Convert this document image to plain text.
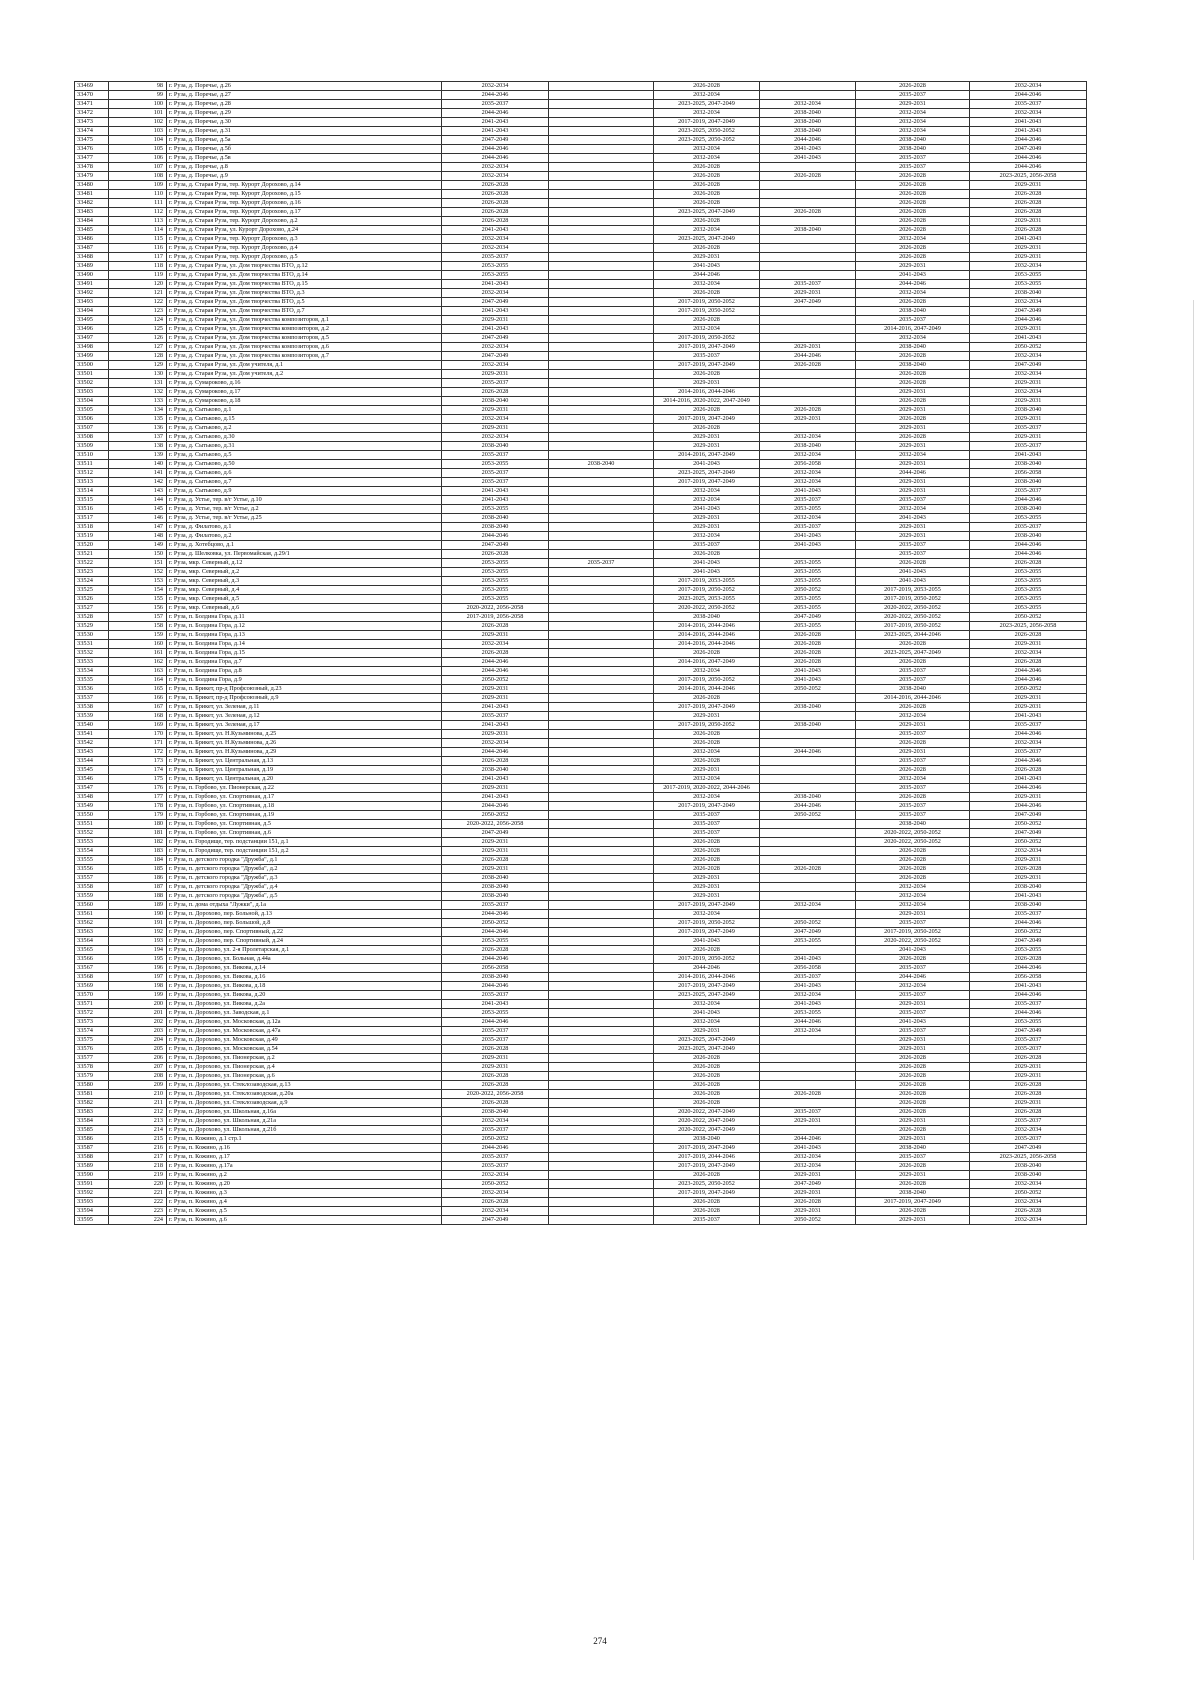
33469	98	г. Руза, д. Поречье, д.26	2032-2034		2026-2028		2026-2028	2032-2034
33470	99	г. Руза, д. Поречье, д.27	2044-2046		2032-2034		2035-2037	2044-2046
33471	100	г. Руза, д. Поречье, д.28	2035-2037		2023-2025, 2047-2049	2032-2034	2029-2031	2035-2037
33472	101	г. Руза, д. Поречье, д.29	2044-2046		2032-2034	2038-2040	2032-2034	2032-2034
33473	102	г. Руза, д. Поречье, д.30	2041-2043		2017-2019, 2047-2049	2038-2040	2032-2034	2041-2043
33474	103	г. Руза, д. Поречье, д.31	2041-2043		2023-2025, 2050-2052	2038-2040	2032-2034	2041-2043
33475	104	г. Руза, д. Поречье, д.5а	2047-2049		2023-2025, 2050-2052	2044-2046	2038-2040	2044-2046
33476	105	г. Руза, д. Поречье, д.5б	2044-2046		2032-2034	2041-2043	2038-2040	2047-2049
33477	106	г. Руза, д. Поречье, д.5в	2044-2046		2032-2034	2041-2043	2035-2037	2044-2046
33478	107	г. Руза, д. Поречье, д.8	2032-2034		2026-2028		2035-2037	2044-2046
33479	108	г. Руза, д. Поречье, д.9	2032-2034		2026-2028	2026-2028	2026-2028	2023-2025, 2056-2058
33480	109	г. Руза, д. Старая Руза, тер. Курорт Дорохово, д.14	2026-2028		2026-2028		2026-2028	2029-2031
33481	110	г. Руза, д. Старая Руза, тер. Курорт Дорохово, д.15	2026-2028		2026-2028		2026-2028	2026-2028
33482	111	г. Руза, д. Старая Руза, тер. Курорт Дорохово, д.16	2026-2028		2026-2028		2026-2028	2026-2028
33483	112	г. Руза, д. Старая Руза, тер. Курорт Дорохово, д.17	2026-2028		2023-2025, 2047-2049	2026-2028	2026-2028	2026-2028
33484	113	г. Руза, д. Старая Руза, тер. Курорт Дорохово, д.2	2026-2028		2026-2028		2026-2028	2029-2031
33485	114	г. Руза, д. Старая Руза, ул. Курорт Дорохово, д.24	2041-2043		2032-2034	2038-2040	2026-2028	2026-2028
33486	115	г. Руза, д. Старая Руза, тер. Курорт Дорохово, д.3	2032-2034		2023-2025, 2047-2049		2032-2034	2041-2043
33487	116	г. Руза, д. Старая Руза, тер. Курорт Дорохово, д.4	2032-2034		2026-2028		2026-2028	2029-2031
33488	117	г. Руза, д. Старая Руза, тер. Курорт Дорохово, д.5	2035-2037		2029-2031		2026-2028	2029-2031
33489	118	г. Руза, д. Старая Руза, ул. Дом творчества ВТО, д.12	2053-2055		2041-2043		2029-2031	2032-2034
33490	119	г. Руза, д. Старая Руза, ул. Дом творчества ВТО, д.14	2053-2055		2044-2046		2041-2043	2053-2055
33491	120	г. Руза, д. Старая Руза, ул. Дом творчества ВТО, д.15	2041-2043		2032-2034	2035-2037	2044-2046	2053-2055
33492	121	г. Руза, д. Старая Руза, ул. Дом творчества ВТО, д.3	2032-2034		2026-2028	2029-2031	2032-2034	2038-2040
33493	122	г. Руза, д. Старая Руза, ул. Дом творчества ВТО, д.5	2047-2049		2017-2019, 2050-2052	2047-2049	2026-2028	2032-2034
33494	123	г. Руза, д. Старая Руза, ул. Дом творчества ВТО, д.7	2041-2043		2017-2019, 2050-2052		2038-2040	2047-2049
33495	124	г. Руза, д. Старая Руза, ул. Дом творчества композиторов, д.1	2029-2031		2026-2028		2035-2037	2044-2046
33496	125	г. Руза, д. Старая Руза, ул. Дом творчества композиторов, д.2	2041-2043		2032-2034		2014-2016, 2047-2049	2029-2031
33497	126	г. Руза, д. Старая Руза, ул. Дом творчества композиторов, д.5	2047-2049		2017-2019, 2050-2052		2032-2034	2041-2043
33498	127	г. Руза, д. Старая Руза, ул. Дом творчества композиторов, д.6	2032-2034		2017-2019, 2047-2049	2029-2031	2038-2040	2050-2052
33499	128	г. Руза, д. Старая Руза, ул. Дом творчества композиторов, д.7	2047-2049		2035-2037	2044-2046	2026-2028	2032-2034
33500	129	г. Руза, д. Старая Руза, ул. Дом учителя, д.1	2032-2034		2017-2019, 2047-2049	2026-2028	2038-2040	2047-2049
33501	130	г. Руза, д. Старая Руза, ул. Дом учителя, д.2	2029-2031		2026-2028		2026-2028	2032-2034
33502	131	г. Руза, д. Сумароково, д.16	2035-2037		2029-2031		2026-2028	2029-2031
33503	132	г. Руза, д. Сумароково, д.17	2026-2028		2014-2016, 2044-2046		2029-2031	2032-2034
33504	133	г. Руза, д. Сумароково, д.18	2038-2040		2014-2016, 2020-2022, 2047-2049		2026-2028	2029-2031
33505	134	г. Руза, д. Сытьково, д.1	2029-2031		2026-2028	2026-2028	2029-2031	2038-2040
33506	135	г. Руза, д. Сытьково, д.15	2032-2034		2017-2019, 2047-2049	2029-2031	2026-2028	2029-2031
33507	136	г. Руза, д. Сытьково, д.2	2029-2031		2026-2028		2029-2031	2035-2037
33508	137	г. Руза, д. Сытьково, д.30	2032-2034		2029-2031	2032-2034	2026-2028	2029-2031
33509	138	г. Руза, д. Сытьково, д.31	2038-2040		2029-2031	2038-2040	2029-2031	2035-2037
33510	139	г. Руза, д. Сытьково, д.5	2035-2037		2014-2016, 2047-2049	2032-2034	2032-2034	2041-2043
33511	140	г. Руза, д. Сытьково, д.50	2053-2055	2038-2040	2041-2043	2056-2058	2029-2031	2038-2040
33512	141	г. Руза, д. Сытьково, д.6	2035-2037		2023-2025, 2047-2049	2032-2034	2044-2046	2056-2058
33513	142	г. Руза, д. Сытьково, д.7	2035-2037		2017-2019, 2047-2049	2032-2034	2029-2031	2038-2040
33514	143	г. Руза, д. Сытьково, д.9	2041-2043		2032-2034	2041-2043	2029-2031	2035-2037
33515	144	г. Руза, д. Устье, тер. в/г Устье, д.10	2041-2043		2032-2034	2035-2037	2035-2037	2044-2046
33516	145	г. Руза, д. Устье, тер. в/г Устье, д.2	2053-2055		2041-2043	2053-2055	2032-2034	2038-2040
33517	146	г. Руза, д. Устье, тер. в/г Устье, д.25	2038-2040		2029-2031	2032-2034	2041-2043	2053-2055
33518	147	г. Руза, д. Филатово, д.1	2038-2040		2029-2031	2035-2037	2029-2031	2035-2037
33519	148	г. Руза, д. Филатово, д.2	2044-2046		2032-2034	2041-2043	2029-2031	2038-2040
33520	149	г. Руза, д. Хотебцово, д.1	2047-2049		2035-2037	2041-2043	2035-2037	2044-2046
33521	150	г. Руза, д. Шелковка, ул. Первомайская, д.29/1	2026-2028		2026-2028		2035-2037	2044-2046
33522	151	г. Руза, мкр. Северный, д.12	2053-2055	2035-2037	2041-2043	2053-2055	2026-2028	2026-2028
33523	152	г. Руза, мкр. Северный, д.2	2053-2055		2041-2043	2053-2055	2041-2043	2053-2055
33524	153	г. Руза, мкр. Северный, д.3	2053-2055		2017-2019, 2053-2055	2053-2055	2041-2043	2053-2055
33525	154	г. Руза, мкр. Северный, д.4	2053-2055		2017-2019, 2050-2052	2050-2052	2017-2019, 2053-2055	2053-2055
33526	155	г. Руза, мкр. Северный, д.5	2053-2055		2023-2025, 2053-2055	2053-2055	2017-2019, 2050-2052	2053-2055
33527	156	г. Руза, мкр. Северный, д.6	2020-2022, 2056-2058		2020-2022, 2050-2052	2053-2055	2020-2022, 2050-2052	2053-2055
33528	157	г. Руза, п. Болдина Гора, д.11	2017-2019, 2056-2058		2038-2040	2047-2049	2020-2022, 2050-2052	2050-2052
33529	158	г. Руза, п. Болдина Гора, д.12	2026-2028		2014-2016, 2044-2046	2053-2055	2017-2019, 2050-2052	2023-2025, 2056-2058
33530	159	г. Руза, п. Болдина Гора, д.13	2029-2031		2014-2016, 2044-2046	2026-2028	2023-2025, 2044-2046	2026-2028
33531	160	г. Руза, п. Болдина Гора, д.14	2032-2034		2014-2016, 2044-2046	2026-2028	2026-2028	2029-2031
33532	161	г. Руза, п. Болдина Гора, д.15	2026-2028		2026-2028	2026-2028	2023-2025, 2047-2049	2032-2034
33533	162	г. Руза, п. Болдина Гора, д.7	2044-2046		2014-2016, 2047-2049	2026-2028	2026-2028	2026-2028
33534	163	г. Руза, п. Болдина Гора, д.8	2044-2046		2032-2034	2041-2043	2035-2037	2044-2046
33535	164	г. Руза, п. Болдина Гора, д.9	2050-2052		2017-2019, 2050-2052	2041-2043	2035-2037	2044-2046
33536	165	г. Руза, п. Брикет, пр-д Профсоюзный, д.23	2029-2031		2014-2016, 2044-2046	2050-2052	2038-2040	2050-2052
33537	166	г. Руза, п. Брикет, пр-д Профсоюзный, д.9	2029-2031		2026-2028		2014-2016, 2044-2046	2029-2031
33538	167	г. Руза, п. Брикет, ул. Зеленая, д.11	2041-2043		2017-2019, 2047-2049	2038-2040	2026-2028	2029-2031
33539	168	г. Руза, п. Брикет, ул. Зеленая, д.12	2035-2037		2029-2031		2032-2034	2041-2043
33540	169	г. Руза, п. Брикет, ул. Зеленая, д.17	2041-2043		2017-2019, 2050-2052	2038-2040	2029-2031	2035-2037
33541	170	г. Руза, п. Брикет, ул. Н.Кузьминова, д.25	2029-2031		2026-2028		2035-2037	2044-2046
33542	171	г. Руза, п. Брикет, ул. Н.Кузьминова, д.26	2032-2034		2026-2028		2026-2028	2032-2034
33543	172	г. Руза, п. Брикет, ул. Н.Кузьминова, д.29	2044-2046		2032-2034	2044-2046	2029-2031	2035-2037
33544	173	г. Руза, п. Брикет, ул. Центральная, д.13	2026-2028		2026-2028		2035-2037	2044-2046
33545	174	г. Руза, п. Брикет, ул. Центральная, д.19	2038-2040		2029-2031		2026-2028	2026-2028
33546	175	г. Руза, п. Брикет, ул. Центральная, д.20	2041-2043		2032-2034		2032-2034	2041-2043
33547	176	г. Руза, п. Горбово, ул. Пионерская, д.22	2029-2031		2017-2019, 2020-2022, 2044-2046		2035-2037	2044-2046
33548	177	г. Руза, п. Горбово, ул. Спортивная, д.17	2041-2043		2032-2034	2038-2040	2026-2028	2029-2031
33549	178	г. Руза, п. Горбово, ул. Спортивная, д.18	2044-2046		2017-2019, 2047-2049	2044-2046	2035-2037	2044-2046
33550	179	г. Руза, п. Горбово, ул. Спортивная, д.19	2050-2052		2035-2037	2050-2052	2035-2037	2047-2049
33551	180	г. Руза, п. Горбово, ул. Спортивная, д.5	2020-2022, 2056-2058		2035-2037		2038-2040	2050-2052
33552	181	г. Руза, п. Горбово, ул. Спортивная, д.6	2047-2049		2035-2037		2020-2022, 2050-2052	2047-2049
33553	182	г. Руза, п. Городище, тер. подстанции 151, д.1	2029-2031		2026-2028		2020-2022, 2050-2052	2050-2052
33554	183	г. Руза, п. Городище, тер. подстанции 151, д.2	2029-2031		2026-2028		2026-2028	2032-2034
33555	184	г. Руза, п. детского городка "Дружба", д.1	2026-2028		2026-2028		2026-2028	2029-2031
33556	185	г. Руза, п. детского городка "Дружба", д.2	2029-2031		2026-2028	2026-2028	2026-2028	2026-2028
33557	186	г. Руза, п. детского городка "Дружба", д.3	2038-2040		2029-2031		2026-2028	2029-2031
33558	187	г. Руза, п. детского городка "Дружба", д.4	2038-2040		2029-2031		2032-2034	2038-2040
33559	188	г. Руза, п. детского городка "Дружба", д.5	2038-2040		2029-2031		2032-2034	2041-2043
33560	189	г. Руза, п. дома отдыха "Лужки", д.1а	2035-2037		2017-2019, 2047-2049	2032-2034	2032-2034	2038-2040
33561	190	г. Руза, п. Дорохово, пер. Больной, д.13	2044-2046		2032-2034		2029-2031	2035-2037
33562	191	г. Руза, п. Дорохово, пер. Большой, д.8	2050-2052		2017-2019, 2050-2052	2050-2052	2035-2037	2044-2046
33563	192	г. Руза, п. Дорохово, пер. Спортивный, д.22	2044-2046		2017-2019, 2047-2049	2047-2049	2017-2019, 2050-2052	2050-2052
33564	193	г. Руза, п. Дорохово, пер. Спортивный, д.24	2053-2055		2041-2043	2053-2055	2020-2022, 2050-2052	2047-2049
33565	194	г. Руза, п. Дорохово, ул. 2-я Пролетарская, д.1	2026-2028		2026-2028		2041-2043	2053-2055
33566	195	г. Руза, п. Дорохово, ул. Больная, д.44а	2044-2046		2017-2019, 2050-2052	2041-2043	2026-2028	2026-2028
33567	196	г. Руза, п. Дорохово, ул. Викова, д.14	2056-2058		2044-2046	2056-2058	2035-2037	2044-2046
33568	197	г. Руза, п. Дорохово, ул. Викова, д.16	2038-2040		2014-2016, 2044-2046	2035-2037	2044-2046	2056-2058
33569	198	г. Руза, п. Дорохово, ул. Викова, д.18	2044-2046		2017-2019, 2047-2049	2041-2043	2032-2034	2041-2043
33570	199	г. Руза, п. Дорохово, ул. Викова, д.20	2035-2037		2023-2025, 2047-2049	2032-2034	2035-2037	2044-2046
33571	200	г. Руза, п. Дорохово, ул. Викова, д.2а	2041-2043		2032-2034	2041-2043	2029-2031	2035-2037
33572	201	г. Руза, п. Дорохово, ул. Заводская, д.1	2053-2055		2041-2043	2053-2055	2035-2037	2044-2046
33573	202	г. Руза, п. Дорохово, ул. Московская, д.12а	2044-2046		2032-2034	2044-2046	2041-2043	2053-2055
33574	203	г. Руза, п. Дорохово, ул. Московская, д.47а	2035-2037		2029-2031	2032-2034	2035-2037	2047-2049
33575	204	г. Руза, п. Дорохово, ул. Московская, д.49	2035-2037		2023-2025, 2047-2049		2029-2031	2035-2037
33576	205	г. Руза, п. Дорохово, ул. Московская, д.54	2026-2028		2023-2025, 2047-2049		2029-2031	2035-2037
33577	206	г. Руза, п. Дорохово, ул. Пионерская, д.2	2029-2031		2026-2028		2026-2028	2026-2028
33578	207	г. Руза, п. Дорохово, ул. Пионерская, д.4	2029-2031		2026-2028		2026-2028	2029-2031
33579	208	г. Руза, п. Дорохово, ул. Пионерская, д.6	2026-2028		2026-2028		2026-2028	2029-2031
33580	209	г. Руза, п. Дорохово, ул. Стеклозаводская, д.13	2026-2028		2026-2028		2026-2028	2026-2028
33581	210	г. Руза, п. Дорохово, ул. Стеклозаводская, д.20а	2020-2022, 2056-2058		2026-2028	2026-2028	2026-2028	2026-2028
33582	211	г. Руза, п. Дорохово, ул. Стеклозаводская, д.9	2026-2028		2026-2028		2026-2028	2029-2031
33583	212	г. Руза, п. Дорохово, ул. Школьная, д.16а	2038-2040		2020-2022, 2047-2049	2035-2037	2026-2028	2026-2028
33584	213	г. Руза, п. Дорохово, ул. Школьная, д.21а	2032-2034		2020-2022, 2047-2049	2029-2031	2029-2031	2035-2037
33585	214	г. Руза, п. Дорохово, ул. Школьная, д.21б	2035-2037		2020-2022, 2047-2049		2026-2028	2032-2034
33586	215	г. Руза, п. Кожино, д.1 стр.1	2050-2052		2038-2040	2044-2046	2029-2031	2035-2037
33587	216	г. Руза, п. Кожино, д.16	2044-2046		2017-2019, 2047-2049	2041-2043	2038-2040	2047-2049
33588	217	г. Руза, п. Кожино, д.17	2035-2037		2017-2019, 2044-2046	2032-2034	2035-2037	2023-2025, 2056-2058
33589	218	г. Руза, п. Кожино, д.17а	2035-2037		2017-2019, 2047-2049	2032-2034	2026-2028	2038-2040
33590	219	г. Руза, п. Кожино, д.2	2032-2034		2026-2028	2029-2031	2029-2031	2038-2040
33591	220	г. Руза, п. Кожино, д.20	2050-2052		2023-2025, 2050-2052	2047-2049	2026-2028	2032-2034
33592	221	г. Руза, п. Кожино, д.3	2032-2034		2017-2019, 2047-2049	2029-2031	2038-2040	2050-2052
33593	222	г. Руза, п. Кожино, д.4	2026-2028		2026-2028	2026-2028	2017-2019, 2047-2049	2032-2034
33594	223	г. Руза, п. Кожино, д.5	2032-2034		2026-2028	2029-2031	2026-2028	2026-2028
33595	224	г. Руза, п. Кожино, д.6	2047-2049		2035-2037	2050-2052	2029-2031	2032-2034
274
